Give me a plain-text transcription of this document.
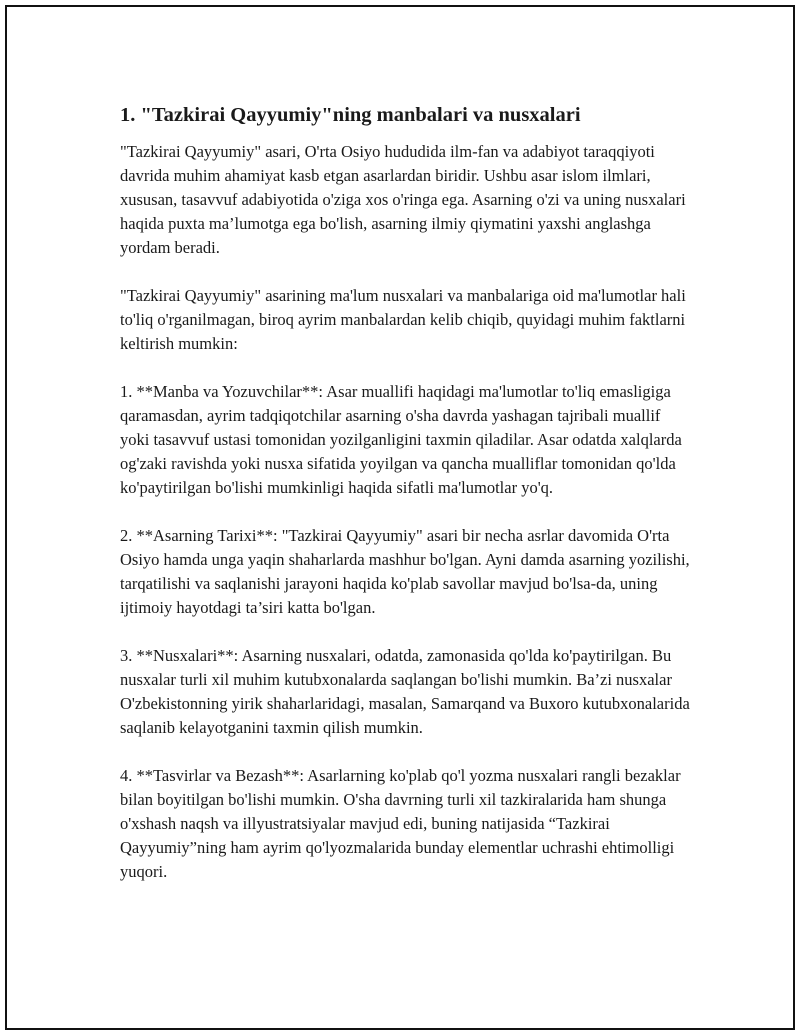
1. "Tazkirai Qayyumiy"ning manbalari va nusxalari

"Tazkirai Qayyumiy" asari, O'rta Osiyo hududida ilm-fan va adabiyot taraqqiyoti davrida muhim ahamiyat kasb etgan asarlardan biridir. Ushbu asar islom ilmlari, xususan, tasavvuf adabiyotida o'ziga xos o'ringa ega. Asarning o'zi va uning nusxalari haqida puxta ma’lumotga ega bo'lish, asarning ilmiy qiymatini yaxshi anglashga yordam beradi.

"Tazkirai Qayyumiy" asarining ma'lum nusxalari va manbalariga oid ma'lumotlar hali to'liq o'rganilmagan, biroq ayrim manbalardan kelib chiqib, quyidagi muhim faktlarni keltirish mumkin:

1. **Manba va Yozuvchilar**: Asar muallifi haqidagi ma'lumotlar to'liq emasligiga qaramasdan, ayrim tadqiqotchilar asarning o'sha davrda yashagan tajribali muallif yoki tasavvuf ustasi tomonidan yozilganligini taxmin qiladilar. Asar odatda xalqlarda og'zaki ravishda yoki nusxa sifatida yoyilgan va qancha mualliflar tomonidan qo'lda ko'paytirilgan bo'lishi mumkinligi haqida sifatli ma'lumotlar yo'q.

2. **Asarning Tarixi**: "Tazkirai Qayyumiy" asari bir necha asrlar davomida O'rta Osiyo hamda unga yaqin shaharlarda mashhur bo'lgan. Ayni damda asarning yozilishi, tarqatilishi va saqlanishi jarayoni haqida ko'plab savollar mavjud bo'lsa-da, uning ijtimoiy hayotdagi ta’siri katta bo'lgan.

3. **Nusxalari**: Asarning nusxalari, odatda, zamonasida qo'lda ko'paytirilgan. Bu nusxalar turli xil muhim kutubxonalarda saqlangan bo'lishi mumkin. Ba’zi nusxalar O'zbekistonning yirik shaharlaridagi, masalan, Samarqand va Buxoro kutubxonalarida saqlanib kelayotganini taxmin qilish mumkin.

4. **Tasvirlar va Bezash**: Asarlarning ko'plab qo'l yozma nusxalari rangli bezaklar bilan boyitilgan bo'lishi mumkin. O'sha davrning turli xil tazkiralarida ham shunga o'xshash naqsh va illyustratsiyalar mavjud edi, buning natijasida “Tazkirai Qayyumiy”ning ham ayrim qo'lyozmalarida bunday elementlar uchrashi ehtimolligi yuqori.
